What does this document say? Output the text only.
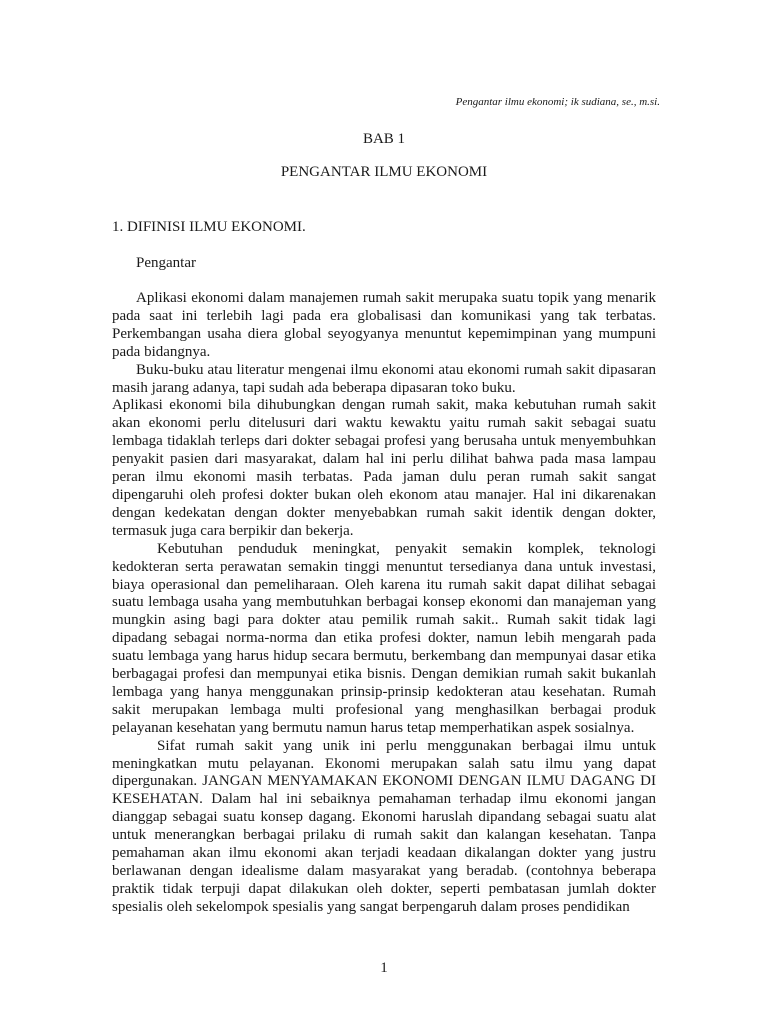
Pengantar ilmu ekonomi; ik sudiana, se., m.si.
BAB 1
PENGANTAR ILMU EKONOMI
1. DIFINISI ILMU EKONOMI.
Pengantar

Aplikasi ekonomi dalam manajemen rumah sakit merupaka suatu topik yang menarik pada saat ini terlebih lagi pada era globalisasi dan komunikasi yang tak terbatas. Perkembangan usaha diera global seyogyanya menuntut kepemimpinan yang mumpuni pada bidangnya.

Buku-buku atau literatur mengenai ilmu ekonomi atau ekonomi rumah sakit dipasaran masih jarang adanya, tapi sudah ada beberapa dipasaran toko buku.

Aplikasi ekonomi bila dihubungkan dengan rumah sakit, maka kebutuhan rumah sakit akan ekonomi perlu ditelusuri dari waktu kewaktu yaitu rumah sakit sebagai suatu lembaga tidaklah terleps dari dokter sebagai profesi yang berusaha untuk menyembuhkan penyakit pasien dari masyarakat, dalam hal ini perlu dilihat bahwa pada masa lampau peran ilmu ekonomi masih terbatas. Pada jaman dulu peran rumah sakit sangat dipengaruhi oleh profesi dokter bukan oleh ekonom atau manajer. Hal ini dikarenakan dengan kedekatan dengan dokter menyebabkan rumah sakit identik dengan dokter, termasuk juga cara berpikir dan bekerja.

Kebutuhan penduduk meningkat, penyakit semakin komplek, teknologi kedokteran serta perawatan semakin tinggi menuntut tersedianya dana untuk investasi, biaya operasional dan pemeliharaan. Oleh karena itu rumah sakit dapat dilihat sebagai suatu lembaga usaha yang membutuhkan berbagai konsep ekonomi dan manajeman yang mungkin asing bagi para dokter atau pemilik rumah sakit.. Rumah sakit tidak lagi dipadang sebagai norma-norma dan etika profesi dokter, namun lebih mengarah pada suatu lembaga yang harus hidup secara bermutu, berkembang dan mempunyai dasar etika berbagagai profesi dan mempunyai etika bisnis. Dengan demikian rumah sakit bukanlah lembaga yang hanya menggunakan prinsip-prinsip kedokteran atau kesehatan. Rumah sakit merupakan lembaga multi profesional yang menghasilkan berbagai produk pelayanan kesehatan yang bermutu namun harus tetap memperhatikan aspek sosialnya.

Sifat rumah sakit yang unik ini perlu menggunakan berbagai ilmu untuk meningkatkan mutu pelayanan. Ekonomi merupakan salah satu ilmu yang dapat dipergunakan. JANGAN MENYAMAKAN EKONOMI DENGAN ILMU DAGANG DI KESEHATAN. Dalam hal ini sebaiknya pemahaman terhadap ilmu ekonomi jangan dianggap sebagai suatu konsep dagang. Ekonomi haruslah dipandang sebagai suatu alat untuk menerangkan berbagai prilaku di rumah sakit dan kalangan kesehatan. Tanpa pemahaman akan ilmu ekonomi akan terjadi keadaan dikalangan dokter yang justru berlawanan dengan idealisme dalam masyarakat yang beradab. (contohnya beberapa praktik tidak terpuji dapat dilakukan oleh dokter, seperti pembatasan jumlah dokter spesialis oleh sekelompok spesialis yang sangat berpengaruh dalam proses pendidikan

1
